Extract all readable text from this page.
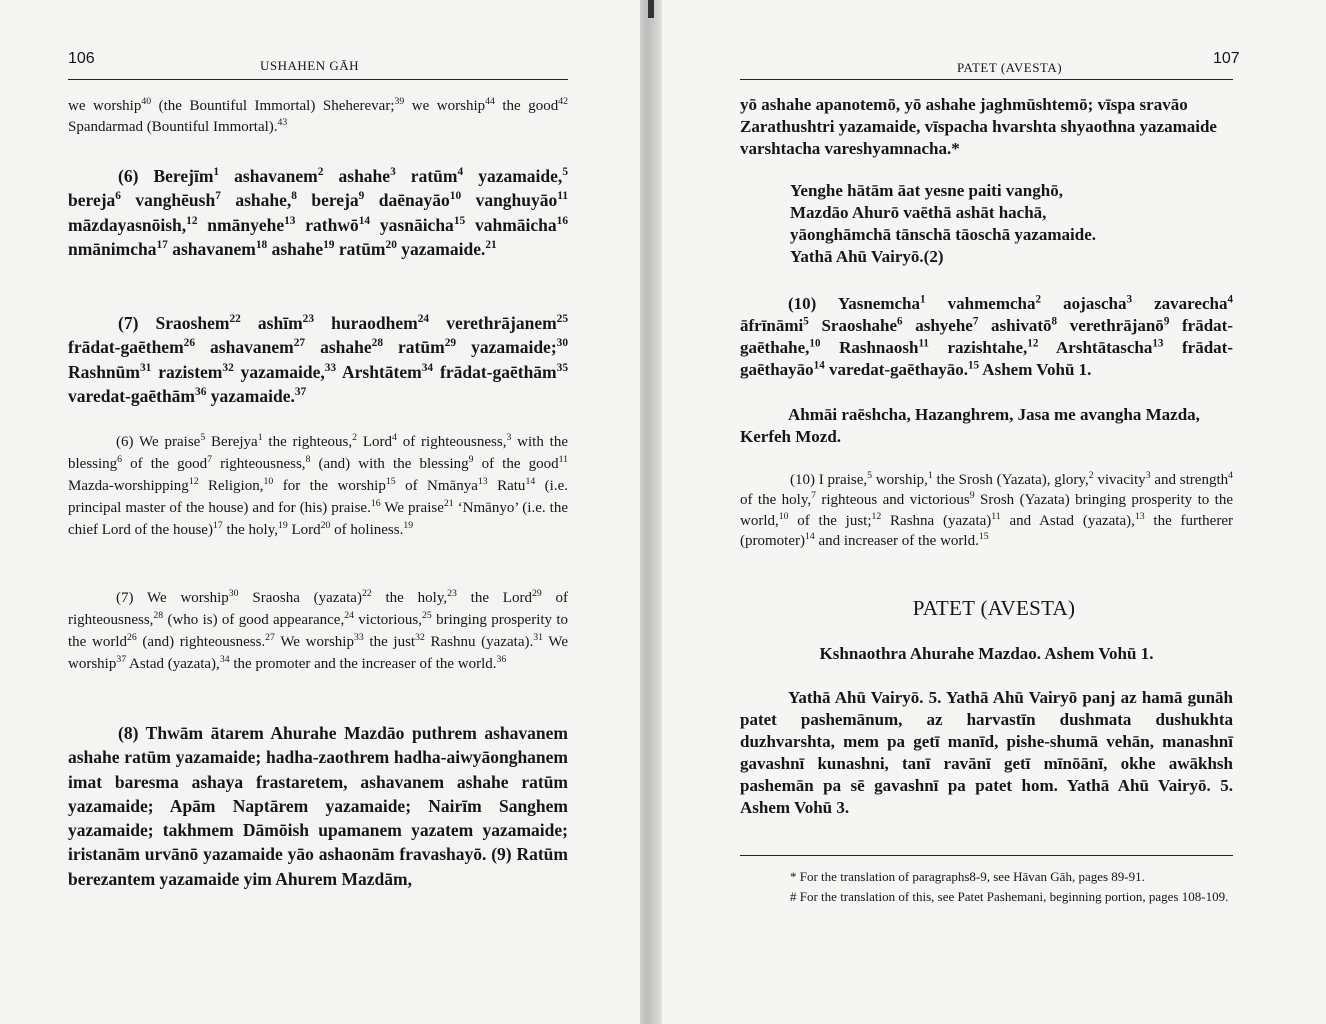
106	USHAHEN GĀH

we worship$^{40}$ (the Bountiful Immortal) Sheherevar;$^{39}$ we worship$^{44}$ the good$^{42}$ Spandarmad (Bountiful Immortal).$^{43}$

(6) Berejīm$^1$ ashavanem$^2$ ashahe$^3$ ratūm$^4$ yazamaide,$^5$ bereja$^6$ vanghēush$^7$ ashahe,$^8$ bereja$^9$ daēnayāo$^{10}$ vanghuyāo$^{11}$ māzdayasnōish,$^{12}$ nmānyehe$^{13}$ rathwō$^{14}$ yasnāicha$^{15}$ vahmāicha$^{16}$ nmānimcha$^{17}$ ashavanem$^{18}$ ashahe$^{19}$ ratūm$^{20}$ yazamaide.$^{21}$

(7) Sraoshem$^{22}$ ashīm$^{23}$ huraodhem$^{24}$ verethrājanem$^{25}$ frādat-gaēthem$^{26}$ ashavanem$^{27}$ ashahe$^{28}$ ratūm$^{29}$ yazamaide;$^{30}$ Rashnūm$^{31}$ razistem$^{32}$ yazamaide,$^{33}$ Arshtātem$^{34}$ frādat-gaēthām$^{35}$ varedat-gaēthām$^{36}$ yazamaide.$^{37}$

(6) We praise$^5$ Berejya$^1$ the righteous,$^2$ Lord$^4$ of righteousness,$^3$ with the blessing$^6$ of the good$^7$ righteousness,$^8$ (and) with the blessing$^9$ of the good$^{11}$ Mazda-worshipping$^{12}$ Religion,$^{10}$ for the worship$^{15}$ of Nmānya$^{13}$ Ratu$^{14}$ (i.e. principal master of the house) and for (his) praise.$^{16}$ We praise$^{21}$ ‘Nmānyo’ (i.e. the chief Lord of the house)$^{17}$ the holy,$^{19}$ Lord$^{20}$ of holiness.$^{19}$

(7) We worship$^{30}$ Sraosha (yazata)$^{22}$ the holy,$^{23}$ the Lord$^{29}$ of righteousness,$^{28}$ (who is) of good appearance,$^{24}$ victorious,$^{25}$ bringing prosperity to the world$^{26}$ (and) righteousness.$^{27}$ We worship$^{33}$ the just$^{32}$ Rashnu (yazata).$^{31}$ We worship$^{37}$ Astad (yazata),$^{34}$ the promoter and the increaser of the world.$^{36}$

(8) Thwām ātarem Ahurahe Mazdāo puthrem ashavanem ashahe ratūm yazamaide; hadha-zaothrem hadha-aiwyāonghanem imat baresma ashaya frastaretem, ashavanem ashahe ratūm yazamaide; Apām Naptārem yazamaide; Nairīm Sanghem yazamaide; takhmem Dāmōish upamanem yazatem yazamaide; iristanām urvānō yazamaide yāo ashaonām fravashayō. (9) Ratūm berezantem yazamaide yim Ahurem Mazdām,

107
PATET (AVESTA)

yō ashahe apanotemō, yō ashahe jaghmūshtemō; vīspa sravāo Zarathushtri yazamaide, vīspacha hvarshta shyaothna yazamaide varshtacha vareshyamnacha.*

Yenghe hātām āat yesne paiti vanghō,
Mazdāo Ahurō vaēthā ashāt hachā,
yāonghāmchā tānschā tāoschā yazamaide.
Yathā Ahū Vairyō.(2)

(10) Yasnemcha$^1$ vahmemcha$^2$ aojascha$^3$ zavarecha$^4$ āfrīnāmi$^5$ Sraoshahe$^6$ ashyehe$^7$ ashivatō$^8$ verethrājanō$^9$ frādat-gaēthahe,$^{10}$ Rashnaosh$^{11}$ razishtahe,$^{12}$ Arshtātascha$^{13}$ frādat-gaēthayāo$^{14}$ varedat-gaēthayāo.$^{15}$ Ashem Vohū 1.

Ahmāi raēshcha, Hazanghrem, Jasa me avangha Mazda, Kerfeh Mozd.

(10) I praise,$^5$ worship,$^1$ the Srosh (Yazata), glory,$^2$ vivacity$^3$ and strength$^4$ of the holy,$^7$ righteous and victorious$^9$ Srosh (Yazata) bringing prosperity to the world,$^{10}$ of the just;$^{12}$ Rashna (yazata)$^{11}$ and Astad (yazata),$^{13}$ the furtherer (promoter)$^{14}$ and increaser of the world.$^{15}$

PATET (AVESTA)
Kshnaothra Ahurahe Mazdao. Ashem Vohū 1.

Yathā Ahū Vairyō. 5. Yathā Ahū Vairyō panj az hamā gunāh patet pashemānum, az harvastīn dushmata dushukhta duzhvarshta, mem pa getī manīd, pishe-shumā vehān, manashnī gavashnī kunashni, tanī ravānī getī mīnōānī, okhe awākhsh pashemān pa sē gavashnī pa patet hom. Yathā Ahū Vairyō. 5. Ashem Vohū 3.

* For the translation of paragraphs8-9, see Hāvan Gāh, pages 89-91.
# For the translation of this, see Patet Pashemani, beginning portion, pages 108-109.
